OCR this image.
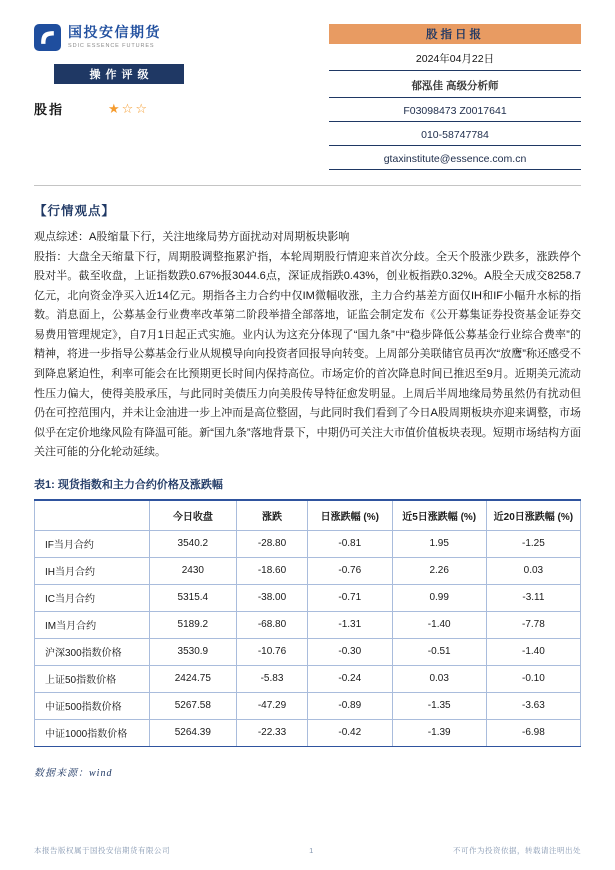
国投安信期货
SDIC ESSENCE FUTURES
操作评级
股指	★☆☆
股指日报
2024年04月22日
郁泓佳 高级分析师
F03098473 Z0017641
010-58747784
gtaxinstitute@essence.com.cn
【行情观点】

观点综述：A股缩量下行，关注地缘局势方面扰动对周期板块影响

股指：大盘全天缩量下行，周期股调整拖累沪指，本轮周期股行情迎来首次分歧。全天个股涨少跌多，涨跌停个股对半。截至收盘，上证指数跌0.67%报3044.6点，深证成指跌0.43%，创业板指跌0.32%。A股全天成交8258.7亿元，北向资金净买入近14亿元。期指各主力合约中仅IM微幅收涨，主力合约基差方面仅IH和IF小幅升水标的指数。消息面上，公募基金行业费率改革第二阶段举措全部落地，证监会制定发布《公开募集证券投资基金证券交易费用管理规定》，自7月1日起正式实施。业内认为这充分体现了“国九条”中“稳步降低公募基金行业综合费率”的精神，将进一步指导公募基金行业从规模导向向投资者回报导向转变。上周部分美联储官员再次“放鹰”称还感受不到降息紧迫性，利率可能会在比预期更长时间内保持高位。市场定价的首次降息时间已推迟至9月。近期美元流动性压力偏大，使得美股承压，与此同时美债压力向美股传导特征愈发明显。上周后半周地缘局势虽然仍有扰动但仍在可控范围内，并未让金油进一步上冲而是高位整固，与此同时我们看到了今日A股周期板块亦迎来调整，市场似乎在定价地缘风险有降温可能。新“国九条”落地背景下，中期仍可关注大市值价值板块表现。短期市场结构方面关注可能的分化轮动延续。

表1: 现货指数和主力合约价格及涨跌幅
	今日收盘	涨跌	日涨跌幅 (%)	近5日涨跌幅 (%)	近20日涨跌幅 (%)
IF当月合约	3540.2	-28.80	-0.81	1.95	-1.25
IH当月合约	2430	-18.60	-0.76	2.26	0.03
IC当月合约	5315.4	-38.00	-0.71	0.99	-3.11
IM当月合约	5189.2	-68.80	-1.31	-1.40	-7.78
沪深300指数价格	3530.9	-10.76	-0.30	-0.51	-1.40
上证50指数价格	2424.75	-5.83	-0.24	0.03	-0.10
中证500指数价格	5267.58	-47.29	-0.89	-1.35	-3.63
中证1000指数价格	5264.39	-22.33	-0.42	-1.39	-6.98
数据来源：wind
本报告版权属于国投安信期货有限公司	1	不可作为投资依据，转载请注明出处
